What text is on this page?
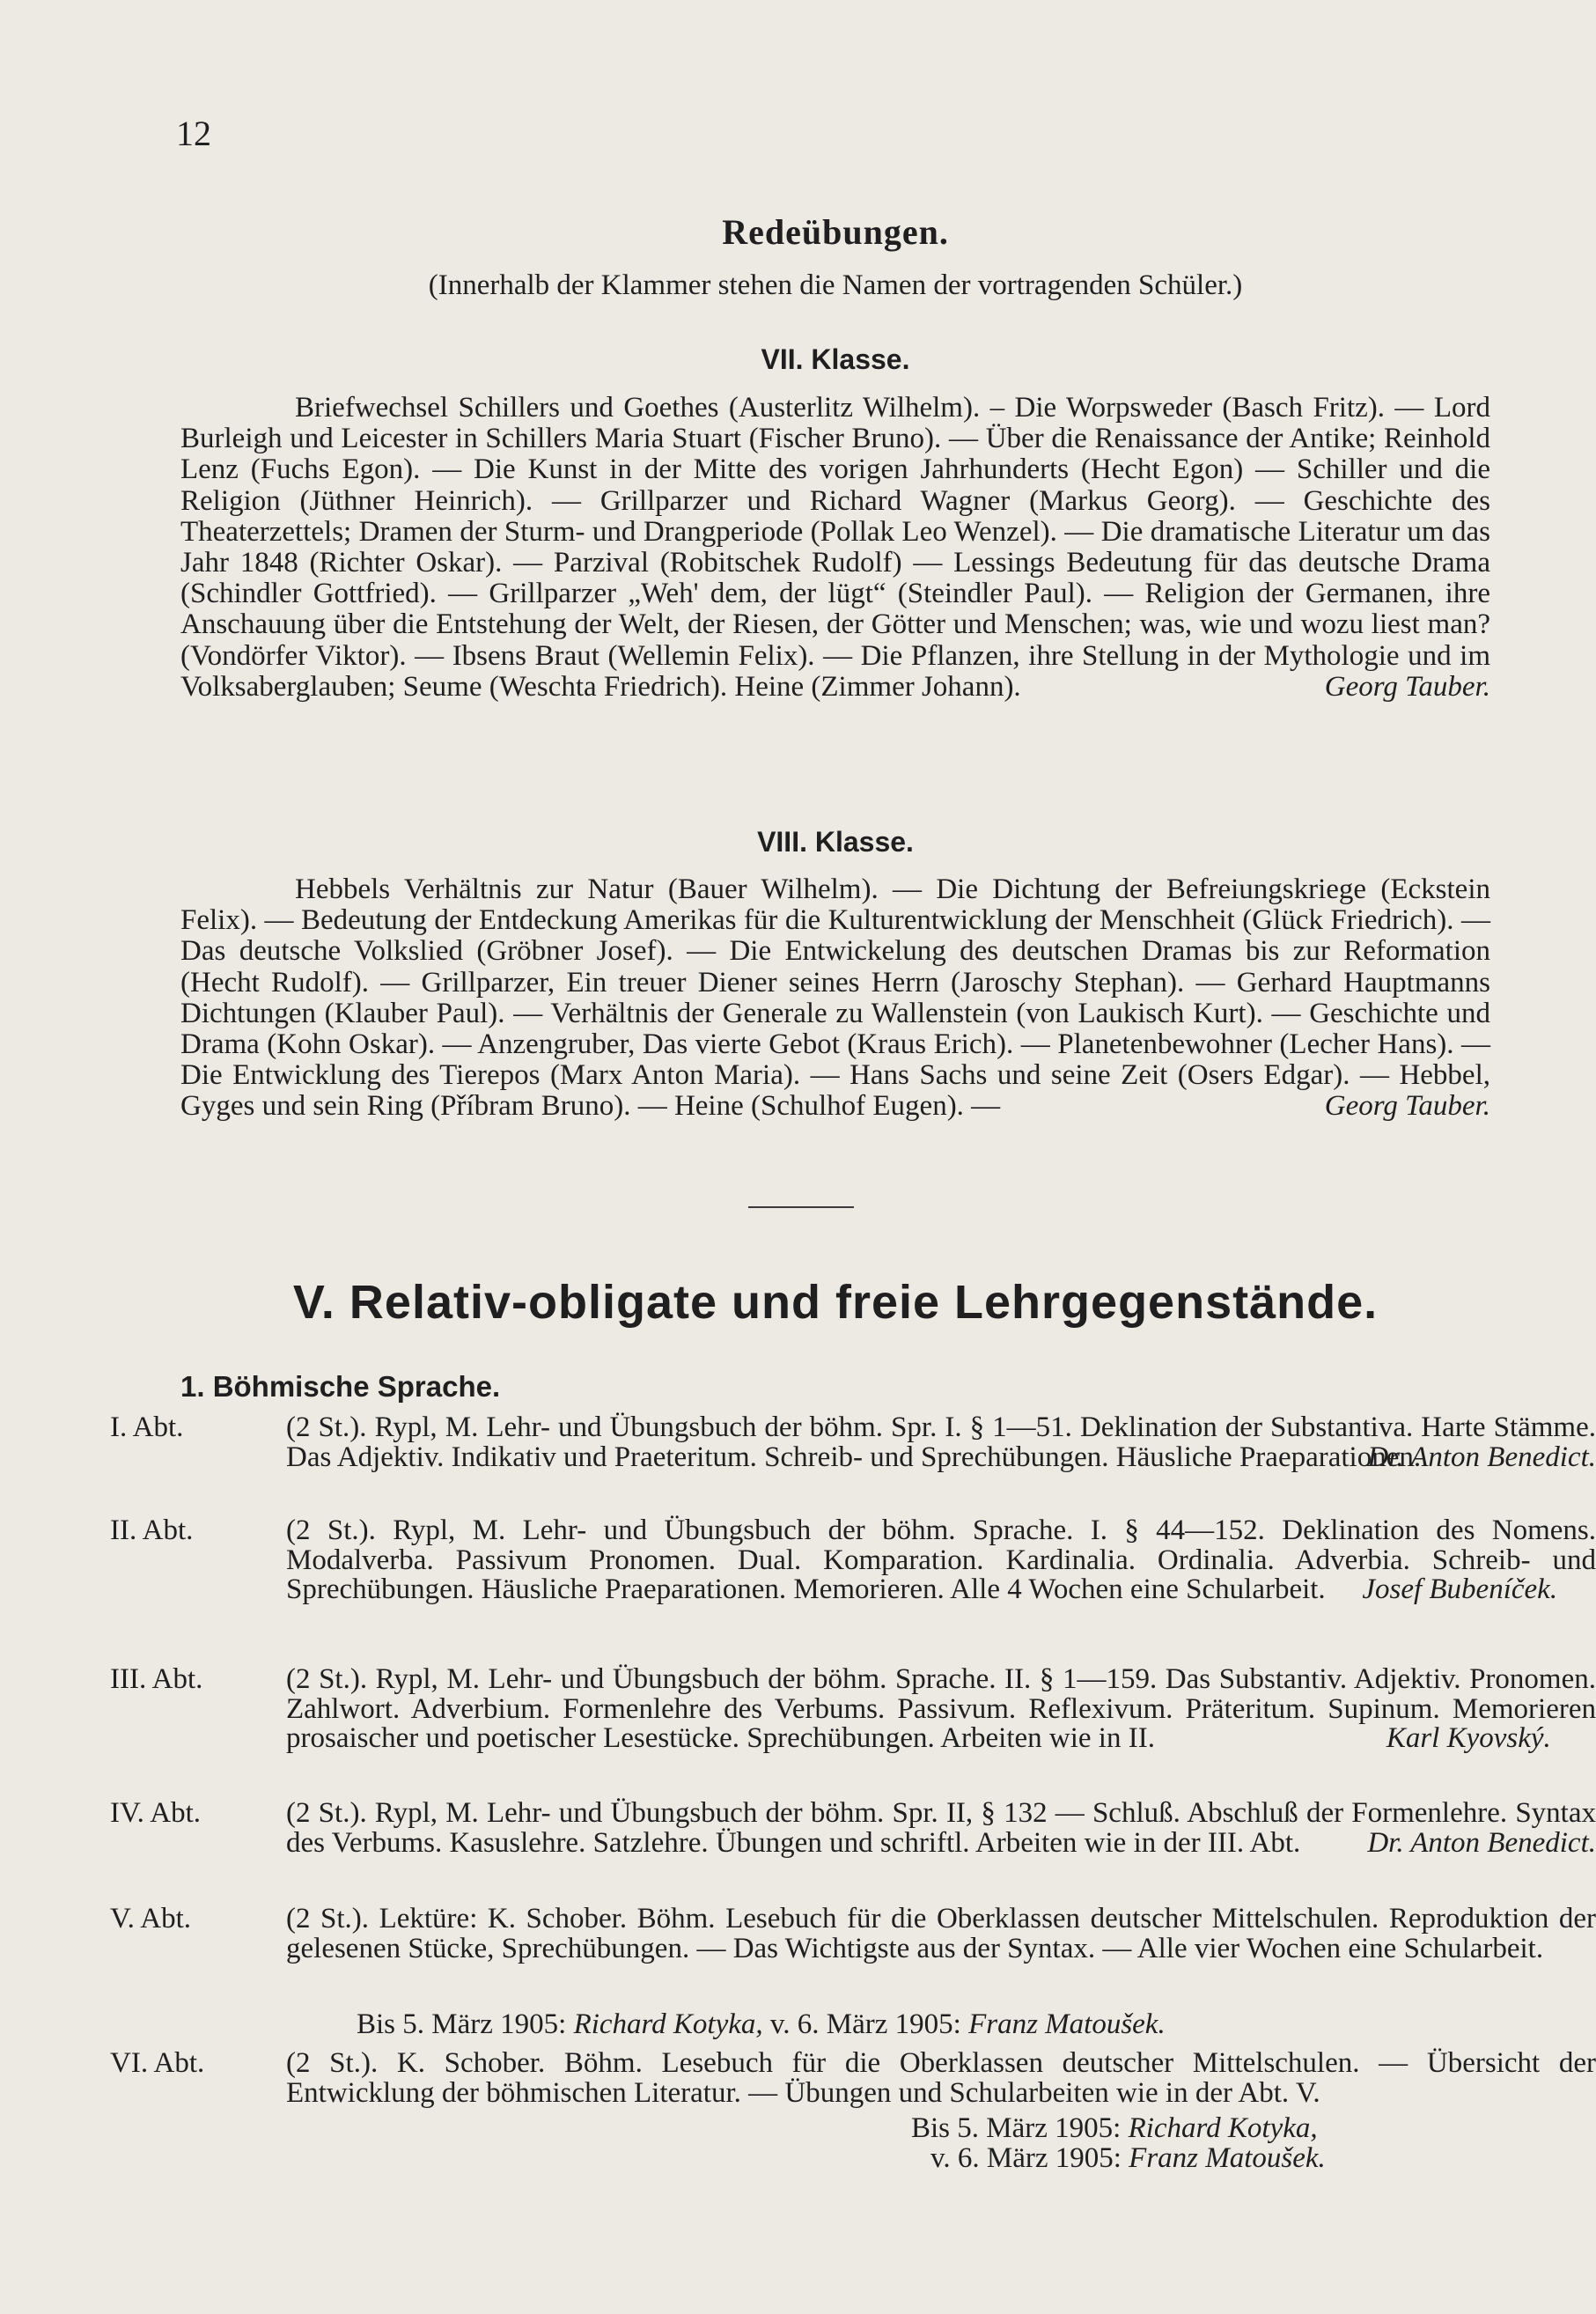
12
Redeübungen.
(Innerhalb der Klammer stehen die Namen der vortragenden Schüler.)
VII. Klasse.
Briefwechsel Schillers und Goethes (Austerlitz Wilhelm). – Die Worpsweder (Basch Fritz). — Lord Burleigh und Leicester in Schillers Maria Stuart (Fischer Bruno). — Über die Renaissance der Antike; Reinhold Lenz (Fuchs Egon). — Die Kunst in der Mitte des vorigen Jahrhunderts (Hecht Egon) — Schiller und die Religion (Jüthner Heinrich). — Grillparzer und Richard Wagner (Markus Georg). — Geschichte des Theaterzettels; Dramen der Sturm- und Drangperiode (Pollak Leo Wenzel). — Die dramatische Literatur um das Jahr 1848 (Richter Oskar). — Parzival (Robitschek Rudolf) — Lessings Bedeutung für das deutsche Drama (Schindler Gottfried). — Grillparzer „Weh' dem, der lügt“ (Steindler Paul). — Religion der Germanen, ihre Anschauung über die Entstehung der Welt, der Riesen, der Götter und Menschen; was, wie und wozu liest man? (Vondörfer Viktor). — Ibsens Braut (Wellemin Felix). — Die Pflanzen, ihre Stellung in der Mythologie und im Volksaberglauben; Seume (Weschta Friedrich). Heine (Zimmer Johann).	Georg Tauber.
VIII. Klasse.
Hebbels Verhältnis zur Natur (Bauer Wilhelm). — Die Dichtung der Befreiungskriege (Eckstein Felix). — Bedeutung der Entdeckung Amerikas für die Kulturentwicklung der Menschheit (Glück Friedrich). — Das deutsche Volkslied (Gröbner Josef). — Die Entwickelung des deutschen Dramas bis zur Reformation (Hecht Rudolf). — Grillparzer, Ein treuer Diener seines Herrn (Jaroschy Stephan). — Gerhard Hauptmanns Dichtungen (Klauber Paul). — Verhältnis der Generale zu Wallenstein (von Laukisch Kurt). — Geschichte und Drama (Kohn Oskar). — Anzengruber, Das vierte Gebot (Kraus Erich). — Planetenbewohner (Lecher Hans). — Die Entwicklung des Tierepos (Marx Anton Maria). — Hans Sachs und seine Zeit (Osers Edgar). — Hebbel, Gyges und sein Ring (Příbram Bruno). — Heine (Schulhof Eugen). —	Georg Tauber.
V. Relativ-obligate und freie Lehrgegenstände.
1. Böhmische Sprache.
I. Abt.	(2 St.). Rypl, M. Lehr- und Übungsbuch der böhm. Spr. I. § 1—51. Deklination der Substantiva. Harte Stämme. Das Adjektiv. Indikativ und Praeteritum. Schreib- und Sprechübungen. Häusliche Praeparationen.
Dr. Anton Benedict.
II. Abt.	(2 St.). Rypl, M. Lehr- und Übungsbuch der böhm. Sprache. I. § 44—152. Deklination des Nomens. Modalverba. Passivum Pronomen. Dual. Komparation. Kardinalia. Ordinalia. Adverbia. Schreib- und Sprechübungen. Häusliche Praeparationen. Memorieren. Alle 4 Wochen eine Schularbeit. Josef Bubeníček.
III. Abt.	(2 St.). Rypl, M. Lehr- und Übungsbuch der böhm. Sprache. II. § 1—159. Das Substantiv. Adjektiv. Pronomen. Zahlwort. Adverbium. Formenlehre des Verbums. Passivum. Reflexivum. Präteritum. Supinum. Memorieren prosaischer und poetischer Lesestücke. Sprechübungen. Arbeiten wie in II.	Karl Kyovský.
IV. Abt.	(2 St.). Rypl, M. Lehr- und Übungsbuch der böhm. Spr. II, § 132 — Schluß. Abschluß der Formenlehre. Syntax des Verbums. Kasuslehre. Satzlehre. Übungen und schriftl. Arbeiten wie in der III. Abt. Dr. Anton Benedict.
V. Abt.	(2 St.). Lektüre: K. Schober. Böhm. Lesebuch für die Oberklassen deutscher Mittelschulen. Reproduktion der gelesenen Stücke, Sprechübungen. — Das Wichtigste aus der Syntax. — Alle vier Wochen eine Schularbeit.
Bis 5. März 1905: Richard Kotyka, v. 6. März 1905: Franz Matoušek.
VI. Abt.	(2 St.). K. Schober. Böhm. Lesebuch für die Oberklassen deutscher Mittelschulen. — Übersicht der Entwicklung der böhmischen Literatur. — Übungen und Schularbeiten wie in der Abt. V.
Bis 5. März 1905: Richard Kotyka,
v. 6. März 1905: Franz Matoušek.
